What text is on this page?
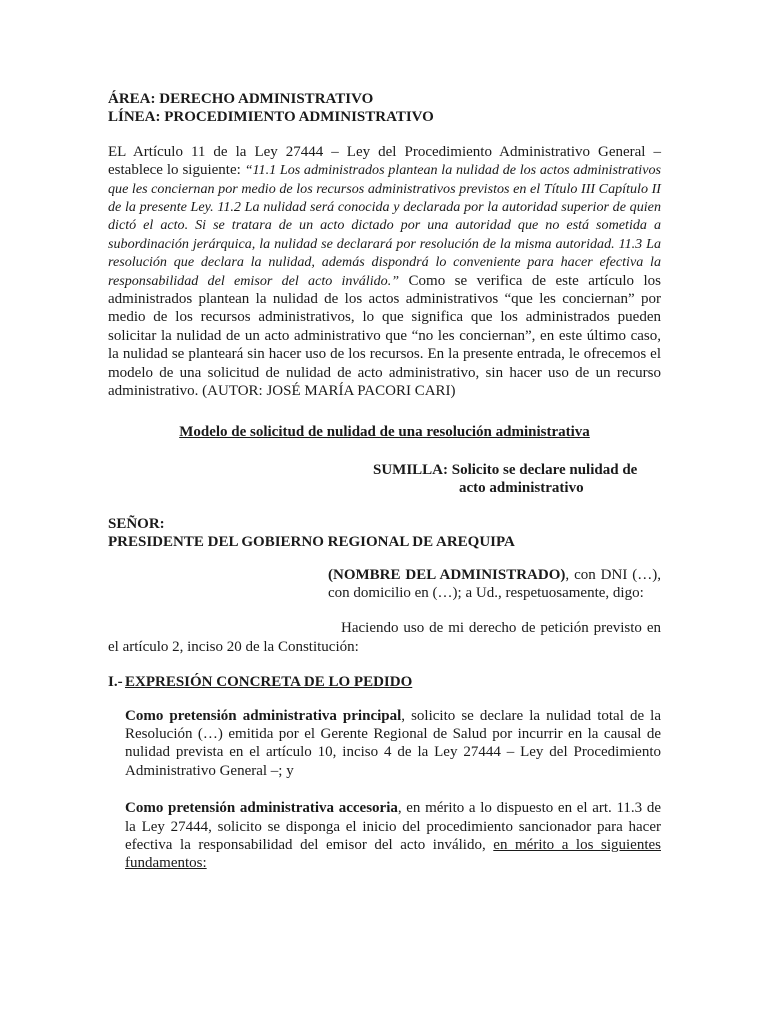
ÁREA: DERECHO ADMINISTRATIVO

LÍNEA: PROCEDIMIENTO ADMINISTRATIVO

EL Artículo 11 de la Ley 27444 – Ley del Procedimiento Administrativo General – establece lo siguiente: “11.1 Los administrados plantean la nulidad de los actos administrativos que les conciernan por medio de los recursos administrativos previstos en el Título III Capítulo II de la presente Ley. 11.2 La nulidad será conocida y declarada por la autoridad superior de quien dictó el acto. Si se tratara de un acto dictado por una autoridad que no está sometida a subordinación jerárquica, la nulidad se declarará por resolución de la misma autoridad. 11.3 La resolución que declara la nulidad, además dispondrá lo conveniente para hacer efectiva la responsabilidad del emisor del acto inválido.” Como se verifica de este artículo los administrados plantean la nulidad de los actos administrativos “que les conciernan” por medio de los recursos administrativos, lo que significa que los administrados pueden solicitar la nulidad de un acto administrativo que “no les conciernan”, en este último caso, la nulidad se planteará sin hacer uso de los recursos. En la presente entrada, le ofrecemos el modelo de una solicitud de nulidad de acto administrativo, sin hacer uso de un recurso administrativo. (AUTOR: JOSÉ MARÍA PACORI CARI)

Modelo de solicitud de nulidad de una resolución administrativa

SUMILLA: Solicito se declare nulidad de
acto administrativo
SEÑOR:
PRESIDENTE DEL GOBIERNO REGIONAL DE AREQUIPA

(NOMBRE DEL ADMINISTRADO), con DNI (…), con domicilio en (…); a Ud., respetuosamente, digo:

Haciendo uso de mi derecho de petición previsto en el artículo 2, inciso 20 de la Constitución:

I.- EXPRESIÓN CONCRETA DE LO PEDIDO

Como pretensión administrativa principal, solicito se declare la nulidad total de la Resolución (…) emitida por el Gerente Regional de Salud por incurrir en la causal de nulidad prevista en el artículo 10, inciso 4 de la Ley 27444 – Ley del Procedimiento Administrativo General –; y

Como pretensión administrativa accesoria, en mérito a lo dispuesto en el art. 11.3 de la Ley 27444, solicito se disponga el inicio del procedimiento sancionador para hacer efectiva la responsabilidad del emisor del acto inválido, en mérito a los siguientes fundamentos:
